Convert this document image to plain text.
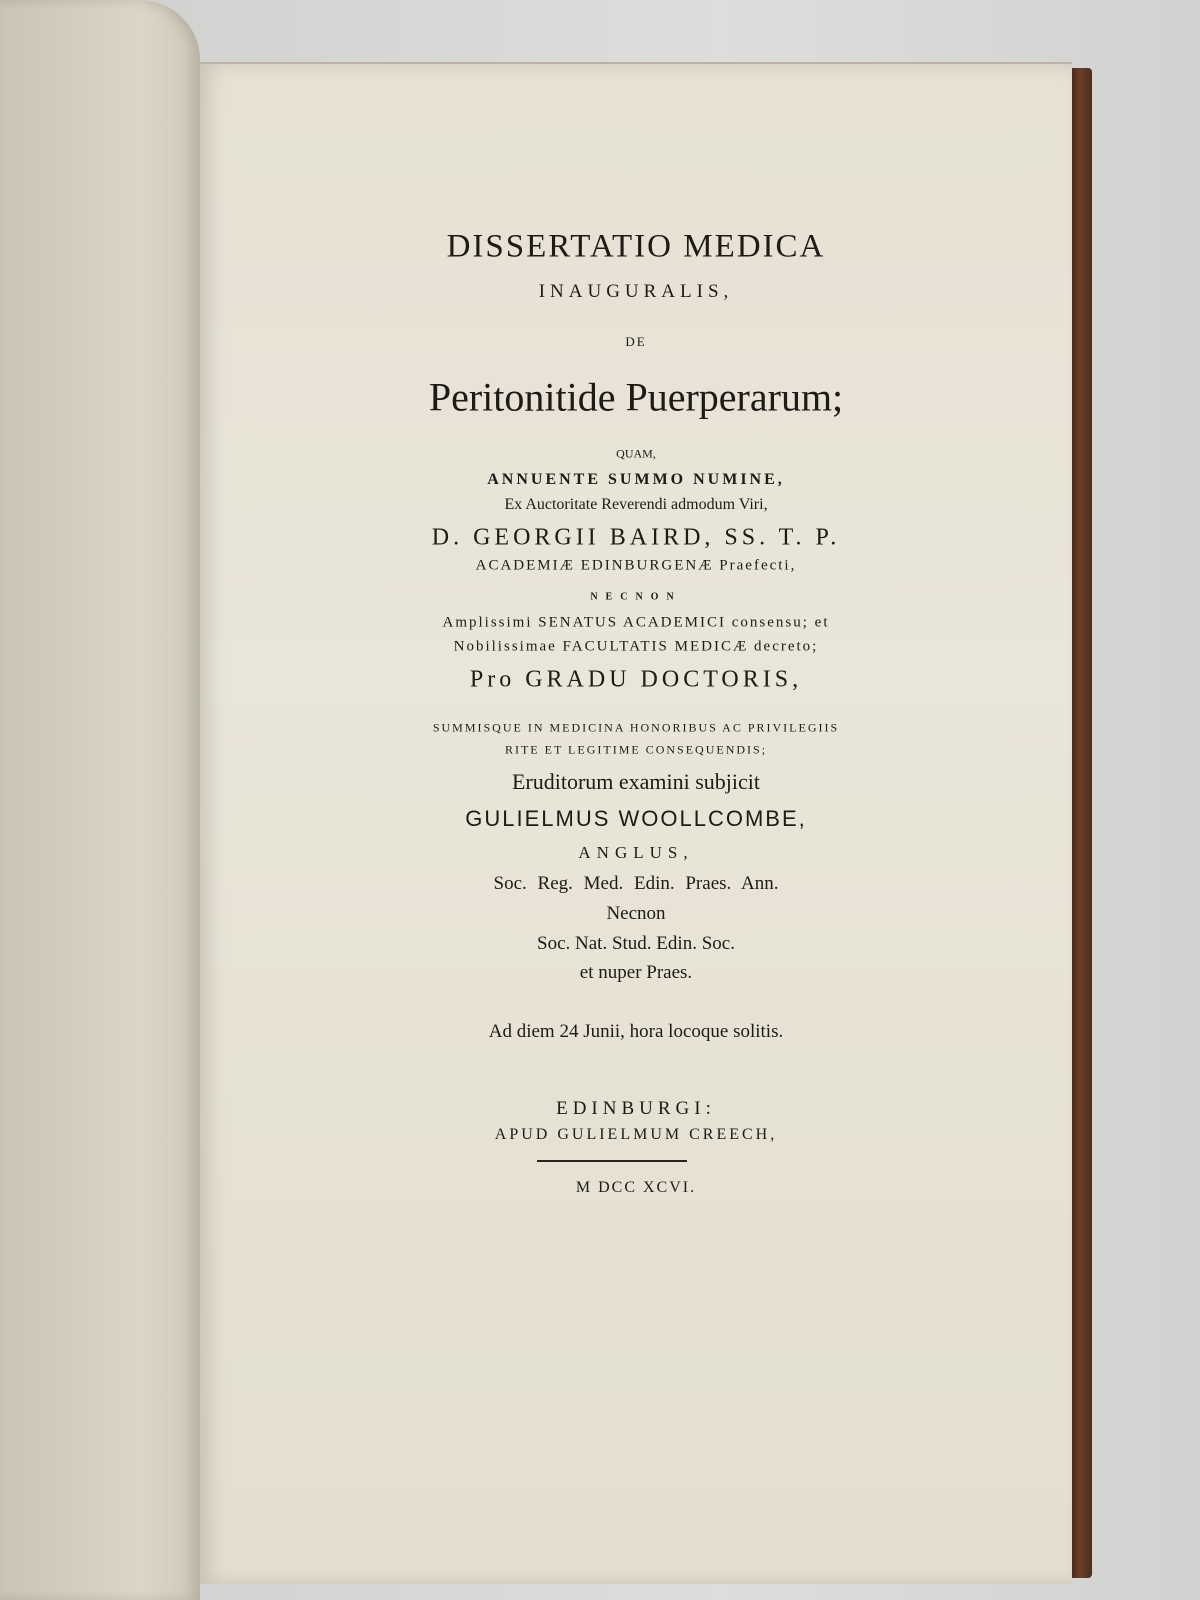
DISSERTATIO MEDICA
INAUGURALIS,
DE
Peritonitide Puerperarum;
QUAM,
ANNUENTE SUMMO NUMINE,
Ex Auctoritate Reverendi admodum Viri,
D. GEORGII BAIRD, SS. T. P.
ACADEMIÆ EDINBURGENÆ Praefecti,
NECNON
Amplissimi SENATUS ACADEMICI consensu; et
Nobilissimae FACULTATIS MEDICÆ decreto;
Pro GRADU DOCTORIS,
SUMMISQUE IN MEDICINA HONORIBUS AC PRIVILEGIIS
RITE ET LEGITIME CONSEQUENDIS;
Eruditorum examini subjicit
GULIELMUS WOOLLCOMBE,
ANGLUS,
Soc. Reg. Med. Edin. Praes. Ann.
Necnon
Soc. Nat. Stud. Edin. Soc.
et nuper Praes.
Ad diem 24 Junii, hora locoque solitis.
EDINBURGI:
APUD GULIELMUM CREECH,
M DCC XCVI.
